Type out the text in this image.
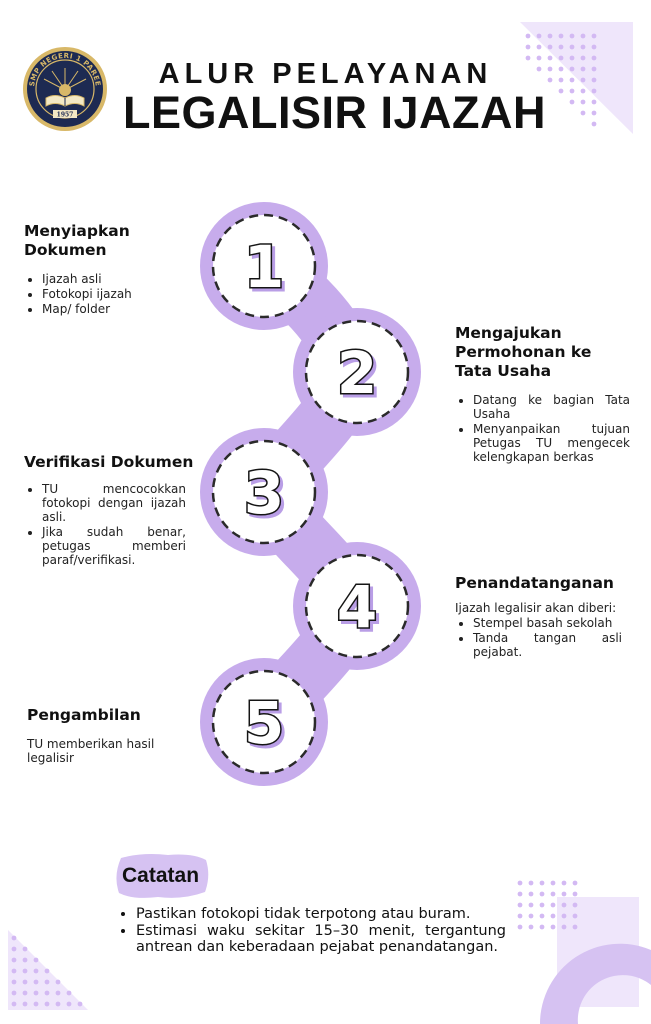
SMP NEGERI 1 PAREE
1957
ALUR PELAYANAN
LEGALISIR IJAZAH
1
2
3
4
5
Menyiapkan Dokumen
• Ijazah asli
• Fotokopi ijazah
• Map/ folder
Mengajukan Permohonan ke Tata Usaha
• Datang ke bagian Tata Usaha
• Menyanpaikan tujuan Petugas TU mengecek kelengkapan berkas
Verifikasi Dokumen
• TU mencocokkan fotokopi dengan ijazah asli.
• Jika sudah benar, petugas memberi paraf/verifikasi.
Penandatanganan
Ijazah legalisir akan diberi:
• Stempel basah sekolah
• Tanda tangan asli pejabat.
Pengambilan
TU memberikan hasil legalisir
Catatan
• Pastikan fotokopi tidak terpotong atau buram.
• Estimasi waku sekitar 15–30 menit, tergantung antrean dan keberadaan pejabat penandatangan.
